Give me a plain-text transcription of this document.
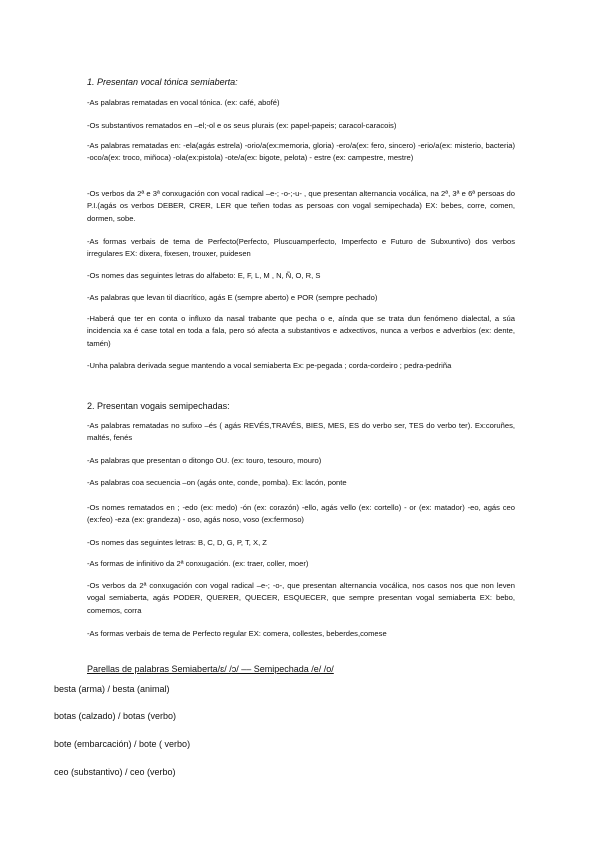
1. Presentan vocal tónica semiaberta:

-As palabras rematadas en vocal tónica. (ex: café, abofé)

-Os substantivos rematados en –el;-ol e os seus plurais (ex: papel-papeis; caracol-caracois)

-As palabras rematadas en: -ela(agás estrela) -orio/a(ex:memoria, gloria) -ero/a(ex: fero, sincero) -erio/a(ex: misterio, bacteria) -oco/a(ex: troco, miñoca) -ola(ex:pistola) -ote/a(ex: bigote, pelota) - estre (ex: campestre, mestre)

-Os verbos da 2ª e 3ª conxugación con vocal radical –e-; -o-;-u- , que presentan alternancia vocálica, na 2ª, 3ª e 6ª persoas do P.I.(agás os verbos DEBER, CRER, LER que teñen todas as persoas con vogal semipechada) EX: bebes, corre, comen, dormen, sobe.

-As formas verbais de tema de Perfecto(Perfecto, Pluscuamperfecto, Imperfecto e Futuro de Subxuntivo) dos verbos irregulares EX: dixera, fixesen, trouxer, puidesen

-Os nomes das seguintes letras do alfabeto: E, F, L, M , N, Ñ, O, R, S

-As palabras que levan til diacrítico, agás E (sempre aberto) e POR (sempre pechado)

-Haberá que ter en conta o influxo da nasal trabante que pecha o e, aínda que se trata dun fenómeno dialectal, a súa incidencia xa é case total en toda a fala, pero só afecta a substantivos e adxectivos, nunca a verbos e adverbios (ex: dente, tamén)

-Unha palabra derivada segue mantendo a vocal semiaberta Ex: pe-pegada ; corda-cordeiro ; pedra-pedriña

2. Presentan vogais semipechadas:

-As palabras rematadas no sufixo –és ( agás REVÉS,TRAVÉS, BIES, MES, ES do verbo ser, TES do verbo ter). Ex:coruñes, maltés, fenés

-As palabras que presentan o ditongo OU. (ex: touro, tesouro, mouro)

-As palabras coa secuencia –on (agás onte, conde, pomba). Ex: lacón, ponte

-Os nomes rematados en ; -edo (ex: medo) -ón (ex: corazón) -ello, agás vello (ex: cortello) - or (ex: matador) -eo, agás ceo (ex:feo) -eza (ex: grandeza) - oso, agás noso, voso (ex:fermoso)

-Os nomes das seguintes letras: B, C, D, G, P, T, X, Z

-As formas de infinitivo da 2ª conxugación. (ex: traer, coller, moer)

-Os verbos da 2ª conxugación con vogal radical –e-; -o-, que presentan alternancia vocálica, nos casos nos que non leven vogal semiaberta, agás PODER, QUERER, QUECER, ESQUECER, que sempre presentan vogal semiaberta EX: bebo, comemos, corra

-As formas verbais de tema de Perfecto regular EX: comera, collestes, beberdes,comese

Parellas de palabras Semiaberta/ɛ/ /ɔ/ –– Semipechada /e/ /o/
besta (arma) / besta (animal)
botas (calzado) / botas (verbo)
bote (embarcación) / bote ( verbo)
ceo (substantivo) / ceo (verbo)
